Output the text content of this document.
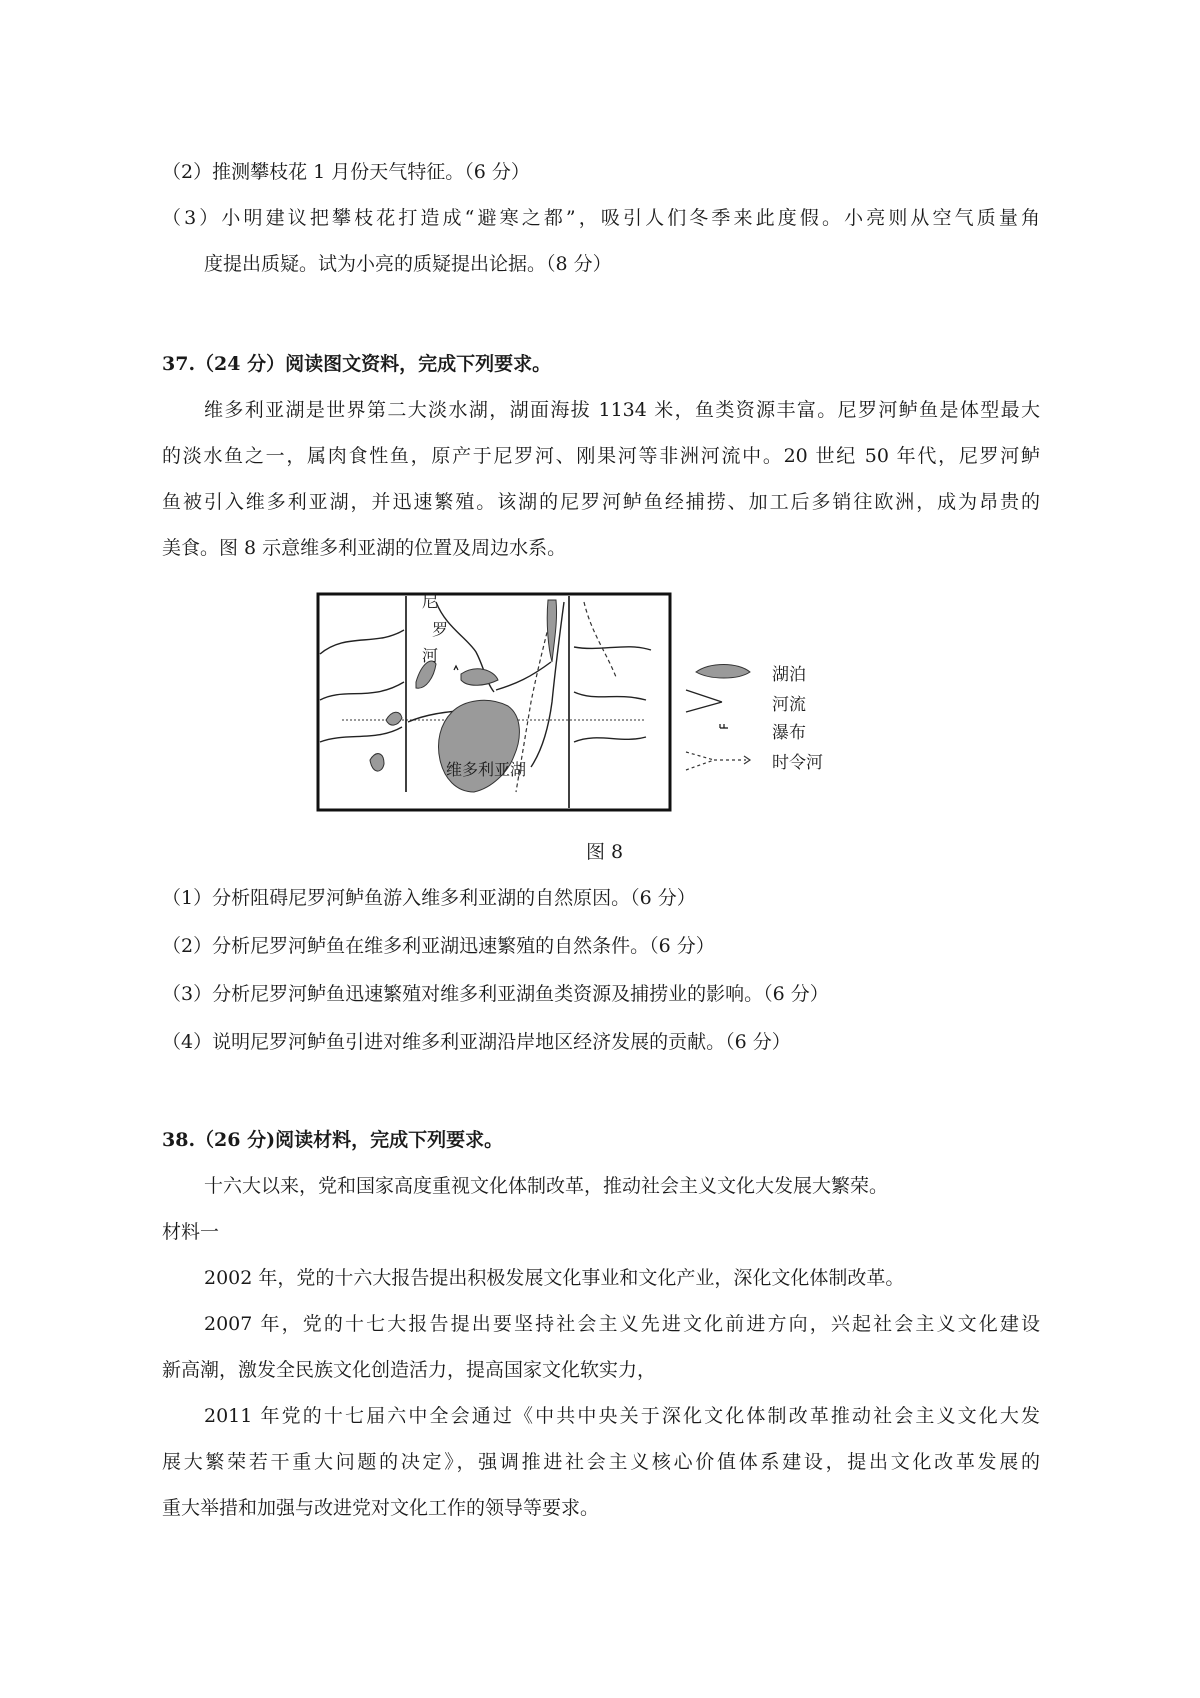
（2）推测攀枝花 1 月份天气特征。（6 分）
（3）小明建议把攀枝花打造成“避寒之都”，吸引人们冬季来此度假。小亮则从空气质量角
度提出质疑。试为小亮的质疑提出论据。（8 分）
37.（24 分）阅读图文资料，完成下列要求。
维多利亚湖是世界第二大淡水湖，湖面海拔 1134 米，鱼类资源丰富。尼罗河鲈鱼是体型最大
的淡水鱼之一，属肉食性鱼，原产于尼罗河、刚果河等非洲河流中。20 世纪 50 年代，尼罗河鲈
鱼被引入维多利亚湖，并迅速繁殖。该湖的尼罗河鲈鱼经捕捞、加工后多销往欧洲，成为昂贵的
美食。图 8 示意维多利亚湖的位置及周边水系。
尼
罗
河
维多利亚湖
湖泊
河流
瀑布
时令河
图 8
（1）分析阻碍尼罗河鲈鱼游入维多利亚湖的自然原因。（6 分）
（2）分析尼罗河鲈鱼在维多利亚湖迅速繁殖的自然条件。（6 分）
（3）分析尼罗河鲈鱼迅速繁殖对维多利亚湖鱼类资源及捕捞业的影响。（6 分）
（4）说明尼罗河鲈鱼引进对维多利亚湖沿岸地区经济发展的贡献。（6 分）
38.（26 分)阅读材料，完成下列要求。
十六大以来，党和国家高度重视文化体制改革，推动社会主义文化大发展大繁荣。
材料一
2002 年，党的十六大报告提出积极发展文化事业和文化产业，深化文化体制改革。
2007 年，党的十七大报告提出要坚持社会主义先进文化前进方向，兴起社会主义文化建设
新高潮，激发全民族文化创造活力，提高国家文化软实力，
2011 年党的十七届六中全会通过《中共中央关于深化文化体制改革推动社会主义文化大发
展大繁荣若干重大问题的决定》，强调推进社会主义核心价值体系建设，提出文化改革发展的
重大举措和加强与改进党对文化工作的领导等要求。
